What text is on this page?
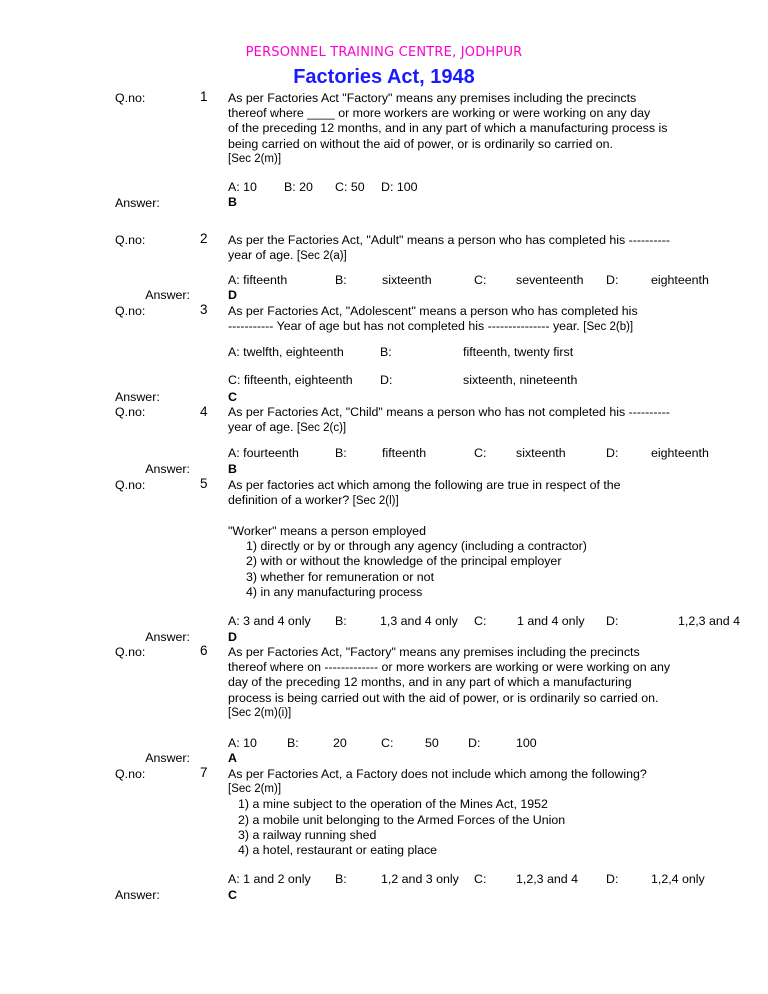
PERSONNEL TRAINING CENTRE, JODHPUR
Factories Act, 1948
Q.no:	1 As per Factories Act "Factory" means any premises including the precincts
thereof where ____ or more workers are working or were working on any day
of the preceding 12 months, and in any part of which a manufacturing process is
being carried on without the aid of power, or is ordinarily so carried on.
[Sec 2(m)]
A: 10 B: 20 C: 50 D: 100
Answer:	B
Q.no:	2 As per the Factories Act, "Adult" means a person who has completed his ----------
year of age. [Sec 2(a)]
A: fifteenth	B:	sixteenth	C: seventeenth D:	eighteenth
Answer:	D
Q.no:	3 As per Factories Act, "Adolescent" means a person who has completed his
----------- Year of age but has not completed his --------------- year. [Sec 2(b)]
A: twelfth, eighteenth	B:	fifteenth, twenty first
C: fifteenth, eighteenth D:	sixteenth, nineteenth
Answer:	C
Q.no:	4 As per Factories Act, "Child" means a person who has not completed his ----------
year of age. [Sec 2(c)]
A: fourteenth	B:	fifteenth	C: sixteenth	D:	eighteenth
Answer:	B
Q.no:	5 As per factories act which among the following are true in respect of the
definition of a worker? [Sec 2(l)]
"Worker" means a person employed
1) directly or by or through any agency (including a contractor)
2) with or without the knowledge of the principal employer
3) whether for remuneration or not
4) in any manufacturing process
A: 3 and 4 only B:	1,3 and 4 only C: 1 and 4 only D:	1,2,3 and 4
Answer:	D
Q.no:	6 As per Factories Act, "Factory" means any premises including the precincts
thereof where on ------------- or more workers are working or were working on any
day of the preceding 12 months, and in any part of which a manufacturing
process is being carried out with the aid of power, or is ordinarily so carried on.
[Sec 2(m)(i)]
A: 10 B:	20	C:	50 D:	100
Answer:	A
Q.no:	7 As per Factories Act, a Factory does not include which among the following?
[Sec 2(m)]
1) a mine subject to the operation of the Mines Act, 1952
2) a mobile unit belonging to the Armed Forces of the Union
3) a railway running shed
4) a hotel, restaurant or eating place
A: 1 and 2 only B:	1,2 and 3 only C: 1,2,3 and 4 D:	1,2,4 only
Answer:	C
